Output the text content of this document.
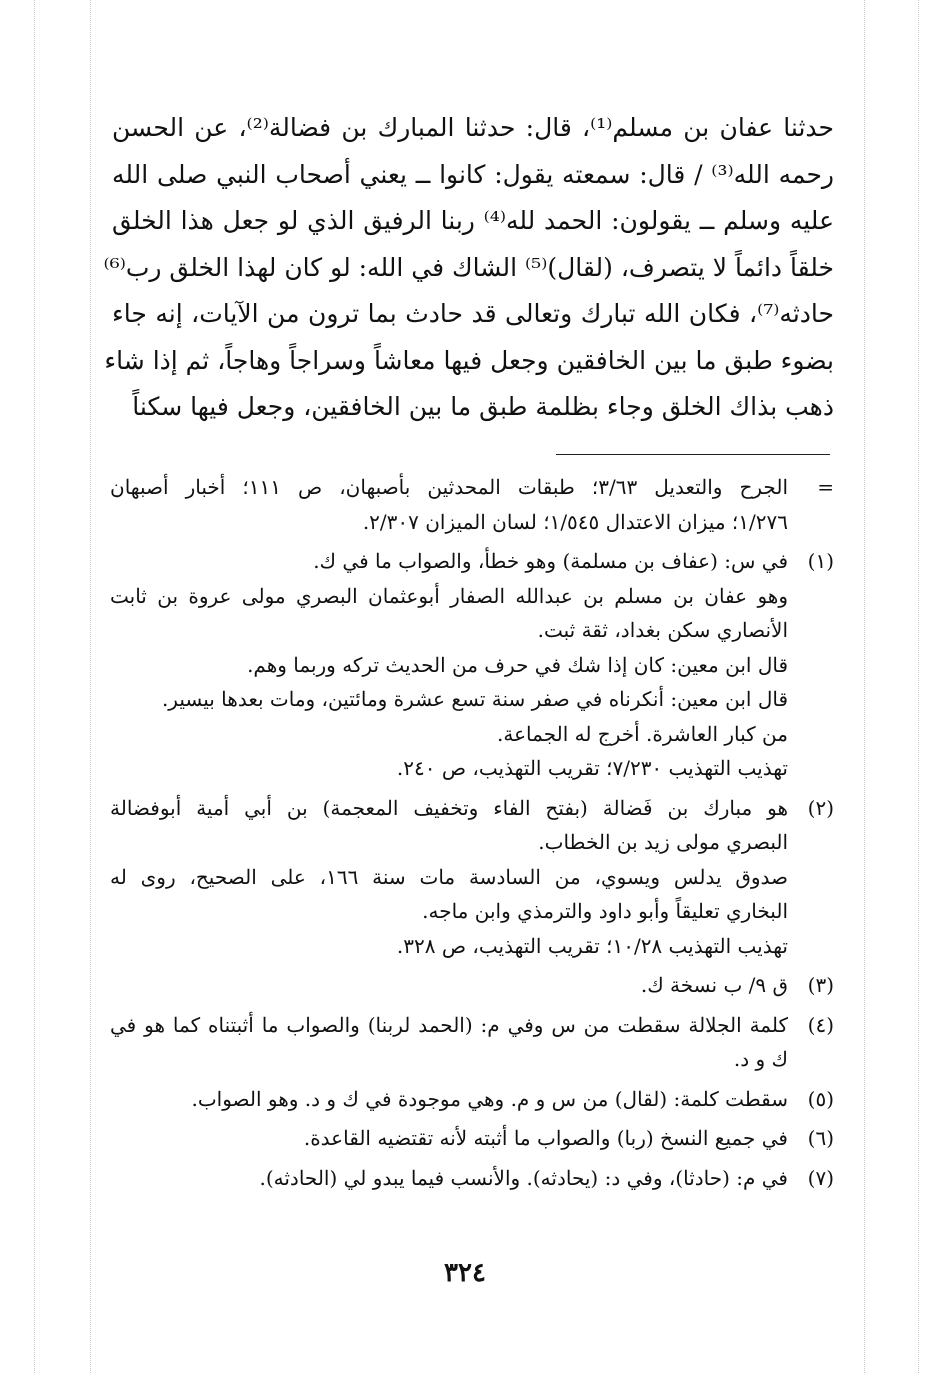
حدثنا عفان بن مسلم⁽¹⁾، قال: حدثنا المبارك بن فضالة⁽²⁾، عن الحسن
رحمه الله⁽³⁾ / قال: سمعته يقول: كانوا ــ يعني أصحاب النبي صلى الله
عليه وسلم ــ يقولون: الحمد لله⁽⁴⁾ ربنا الرفيق الذي لو جعل هذا الخلق
خلقاً دائماً لا يتصرف، (لقال)⁽⁵⁾ الشاك في الله: لو كان لهذا الخلق رب⁽⁶⁾
حادثه⁽⁷⁾، فكان الله تبارك وتعالى قد حادث بما ترون من الآيات، إنه جاء
بضوء طبق ما بين الخافقين وجعل فيها معاشاً وسراجاً وهاجاً، ثم إذا شاء
ذهب بذاك الخلق وجاء بظلمة طبق ما بين الخافقين، وجعل فيها سكناً
=
الجرح والتعديل ٣/٦٣؛ طبقات المحدثين بأصبهان، ص ١١١؛ أخبار أصبهان
١/٢٧٦؛ ميزان الاعتدال ١/٥٤٥؛ لسان الميزان ٢/٣٠٧.
(١)
في س: (عفاف بن مسلمة) وهو خطأ، والصواب ما في ك.
وهو عفان بن مسلم بن عبدالله الصفار أبوعثمان البصري مولى عروة بن ثابت
الأنصاري سكن بغداد، ثقة ثبت.
قال ابن معين: كان إذا شك في حرف من الحديث تركه وربما وهم.
قال ابن معين: أنكرناه في صفر سنة تسع عشرة ومائتين، ومات بعدها بيسير.
من كبار العاشرة. أخرج له الجماعة.
تهذيب التهذيب ٧/٢٣٠؛ تقريب التهذيب، ص ٢٤٠.
(٢)
هو مبارك بن فَضالة (بفتح الفاء وتخفيف المعجمة) بن أبي أمية أبوفضالة
البصري مولى زيد بن الخطاب.
صدوق يدلس ويسوي، من السادسة مات سنة ١٦٦، على الصحيح، روى له
البخاري تعليقاً وأبو داود والترمذي وابن ماجه.
تهذيب التهذيب ١٠/٢٨؛ تقريب التهذيب، ص ٣٢٨.
(٣)
ق ٩/ ب نسخة ك.
(٤)
كلمة الجلالة سقطت من س وفي م: (الحمد لربنا) والصواب ما أثبتناه كما هو في
ك و د.
(٥)
سقطت كلمة: (لقال) من س و م. وهي موجودة في ك و د. وهو الصواب.
(٦)
في جميع النسخ (ربا) والصواب ما أثبته لأنه تقتضيه القاعدة.
(٧)
في م: (حادثا)، وفي د: (يحادثه). والأنسب فيما يبدو لي (الحادثه).
٣٢٤
